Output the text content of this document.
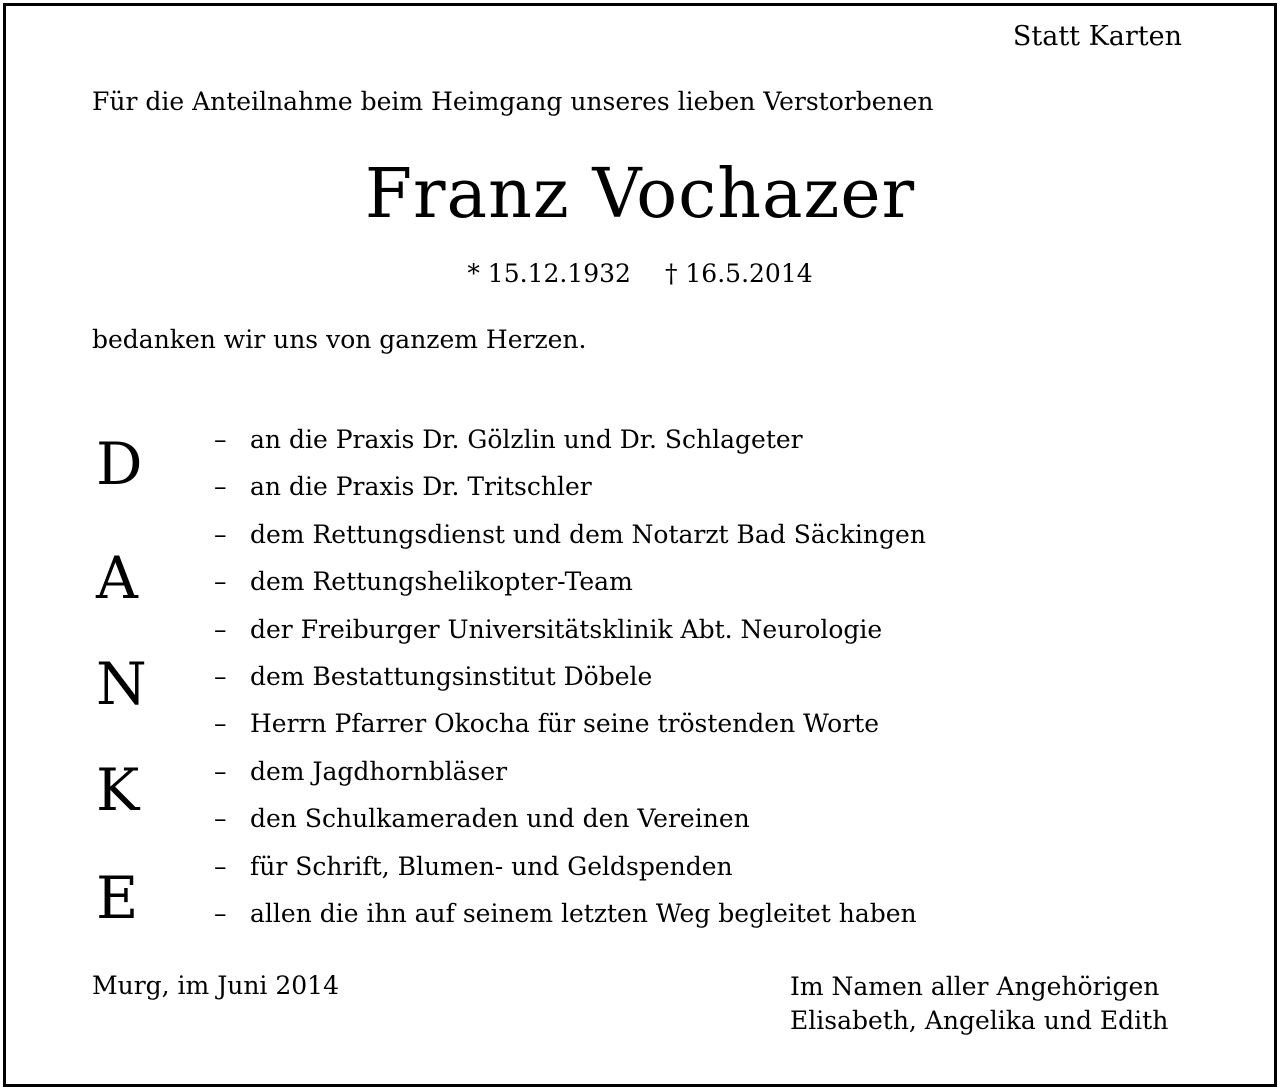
Statt Karten
Für die Anteilnahme beim Heimgang unseres lieben Verstorbenen
Franz Vochazer
* 15.12.1932 † 16.5.2014
bedanken wir uns von ganzem Herzen.
D
A
N
K
E
– an die Praxis Dr. Gölzlin und Dr. Schlageter
– an die Praxis Dr. Tritschler
– dem Rettungsdienst und dem Notarzt Bad Säckingen
– dem Rettungshelikopter-Team
– der Freiburger Universitätsklinik Abt. Neurologie
– dem Bestattungsinstitut Döbele
– Herrn Pfarrer Okocha für seine tröstenden Worte
– dem Jagdhornbläser
– den Schulkameraden und den Vereinen
– für Schrift, Blumen- und Geldspenden
– allen die ihn auf seinem letzten Weg begleitet haben
Murg, im Juni 2014	Im Namen aller Angehörigen
Elisabeth, Angelika und Edith
